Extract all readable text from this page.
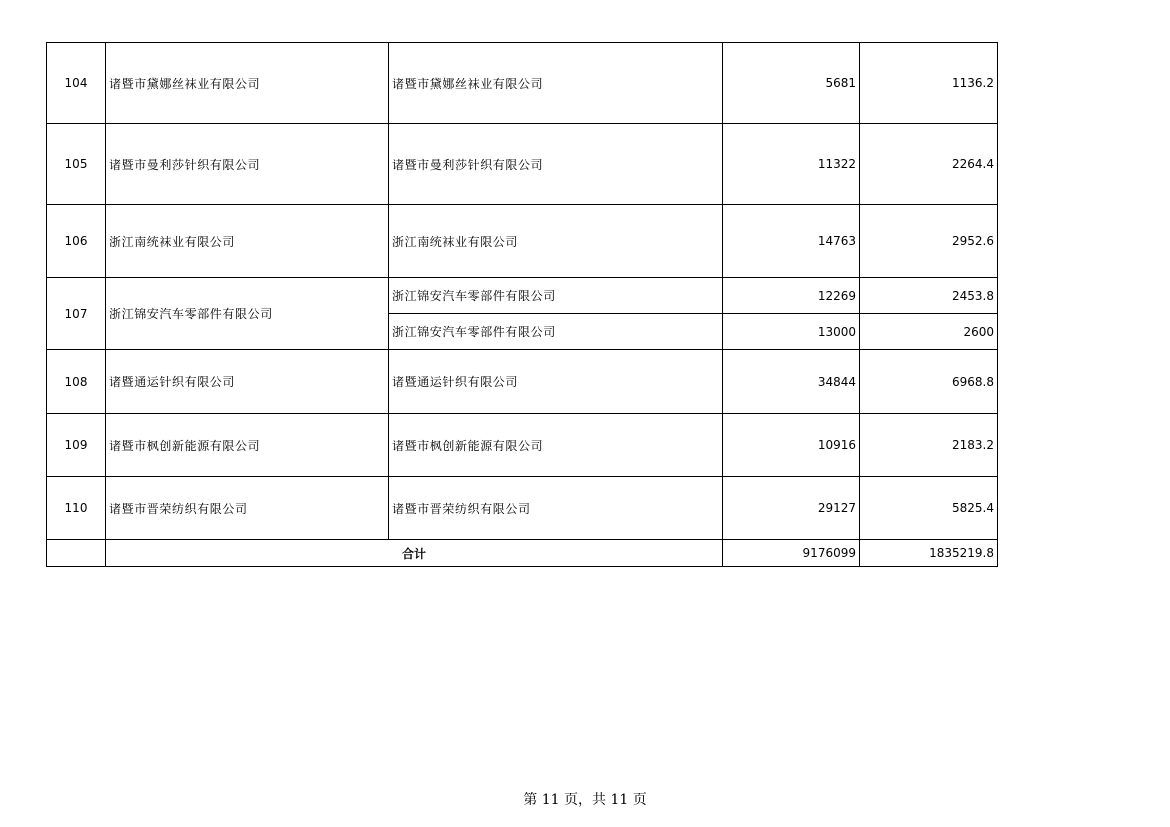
104	诸暨市黛娜丝袜业有限公司	诸暨市黛娜丝袜业有限公司	5681	1136.2
105	诸暨市曼利莎针织有限公司	诸暨市曼利莎针织有限公司	11322	2264.4
106	浙江南统袜业有限公司	浙江南统袜业有限公司	14763	2952.6
107	浙江锦安汽车零部件有限公司	浙江锦安汽车零部件有限公司	12269	2453.8
		浙江锦安汽车零部件有限公司	13000	2600
108	诸暨通运针织有限公司	诸暨通运针织有限公司	34844	6968.8
109	诸暨市枫创新能源有限公司	诸暨市枫创新能源有限公司	10916	2183.2
110	诸暨市晋荣纺织有限公司	诸暨市晋荣纺织有限公司	29127	5825.4
	合计		9176099	1835219.8
第 11 页，共 11 页
